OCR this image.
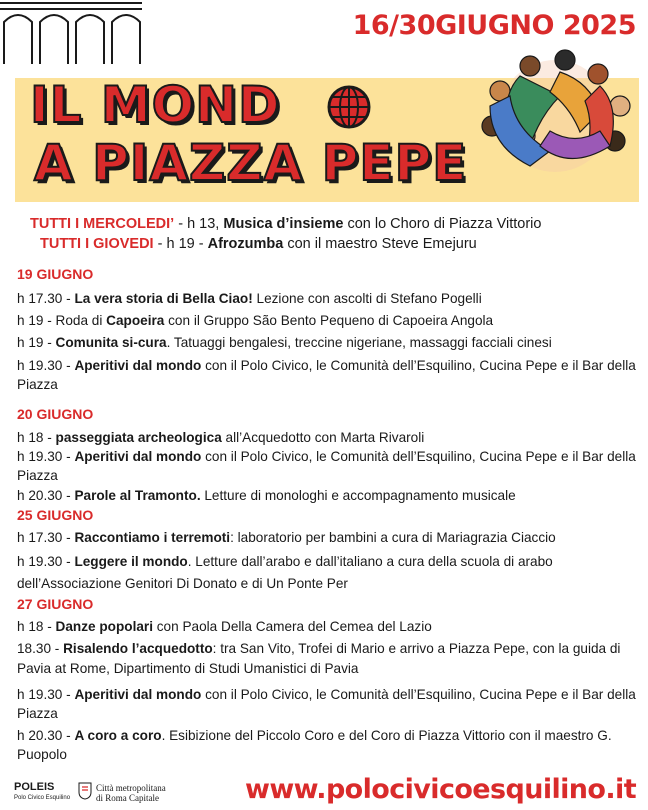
16/30GIUGNO 2025
IL MOND
A PIAZZA PEPE
TUTTI I MERCOLEDI’ - h 13, Musica d’insieme con lo Choro di Piazza Vittorio
TUTTI I GIOVEDI - h 19 - Afrozumba con il maestro Steve Emejuru
19 GIUGNO
h 17.30 - La vera storia di Bella Ciao! Lezione con ascolti di Stefano Pogelli
h 19 - Roda di Capoeira con il Gruppo São Bento Pequeno di Capoeira Angola
h 19 - Comunita si-cura. Tatuaggi bengalesi, treccine nigeriane, massaggi facciali cinesi
h 19.30 - Aperitivi dal mondo con il Polo Civico, le Comunità dell’Esquilino, Cucina Pepe e il Bar della Piazza
20 GIUGNO
h 18 - passeggiata archeologica all’Acquedotto con Marta Rivaroli
h 19.30 - Aperitivi dal mondo con il Polo Civico, le Comunità dell’Esquilino, Cucina Pepe e il Bar della Piazza
h 20.30 - Parole al Tramonto. Letture di monologhi e accompagnamento musicale
25 GIUGNO
h 17.30 - Raccontiamo i terremoti: laboratorio per bambini a cura di Mariagrazia Ciaccio
h 19.30 - Leggere il mondo. Letture dall’arabo e dall’italiano a cura della scuola di arabo dell’Associazione Genitori Di Donato e di Un Ponte Per
27 GIUGNO
h 18 - Danze popolari con Paola Della Camera del Cemea del Lazio
18.30 - Risalendo l’acquedotto: tra San Vito, Trofei di Mario e arrivo a Piazza Pepe, con la guida di Pavia at Rome, Dipartimento di Studi Umanistici di Pavia
h 19.30 - Aperitivi dal mondo con il Polo Civico, le Comunità dell’Esquilino, Cucina Pepe e il Bar della Piazza
h 20.30 - A coro a coro. Esibizione del Piccolo Coro e del Coro di Piazza Vittorio con il maestro G. Puopolo
POLEIS
Polo Civico Esquilino
Città metropolitana
di Roma Capitale	www.polocivicoesquilino.it
